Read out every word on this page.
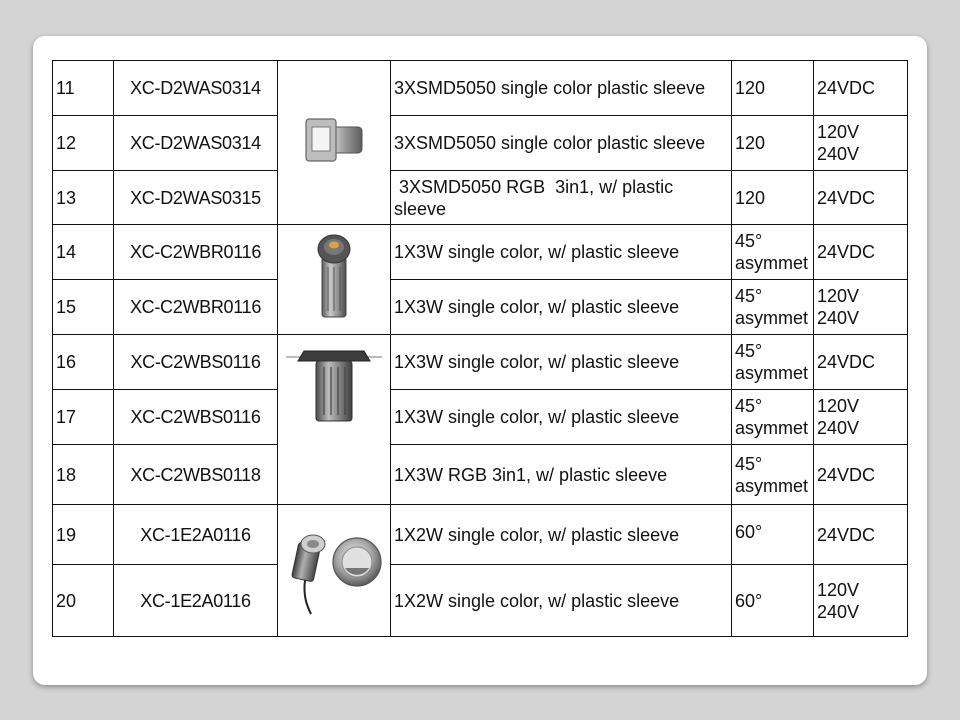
11	XC-D2WAS0314		3XSMD5050 single color plastic sleeve	120	24VDC

12	XC-D2WAS0314		3XSMD5050 single color plastic sleeve	120	120V
240V

13	XC-D2WAS0315		3XSMD5050 RGB  3in1, w/ plastic sleeve	120	24VDC

14	XC-C2WBR0116		1X3W single color, w/ plastic sleeve	45°
asymmet	24VDC

15	XC-C2WBR0116		1X3W single color, w/ plastic sleeve	45°
asymmet	120V
240V

16	XC-C2WBS0116		1X3W single color, w/ plastic sleeve	45°
asymmet	24VDC

17	XC-C2WBS0116		1X3W single color, w/ plastic sleeve	45°
asymmet	120V
240V

18	XC-C2WBS0118		1X3W RGB 3in1, w/ plastic sleeve	45°
asymmet	24VDC

19	XC-1E2A0116		1X2W single color, w/ plastic sleeve	60°	24VDC

20	XC-1E2A0116		1X2W single color, w/ plastic sleeve	60°	120V
240V
